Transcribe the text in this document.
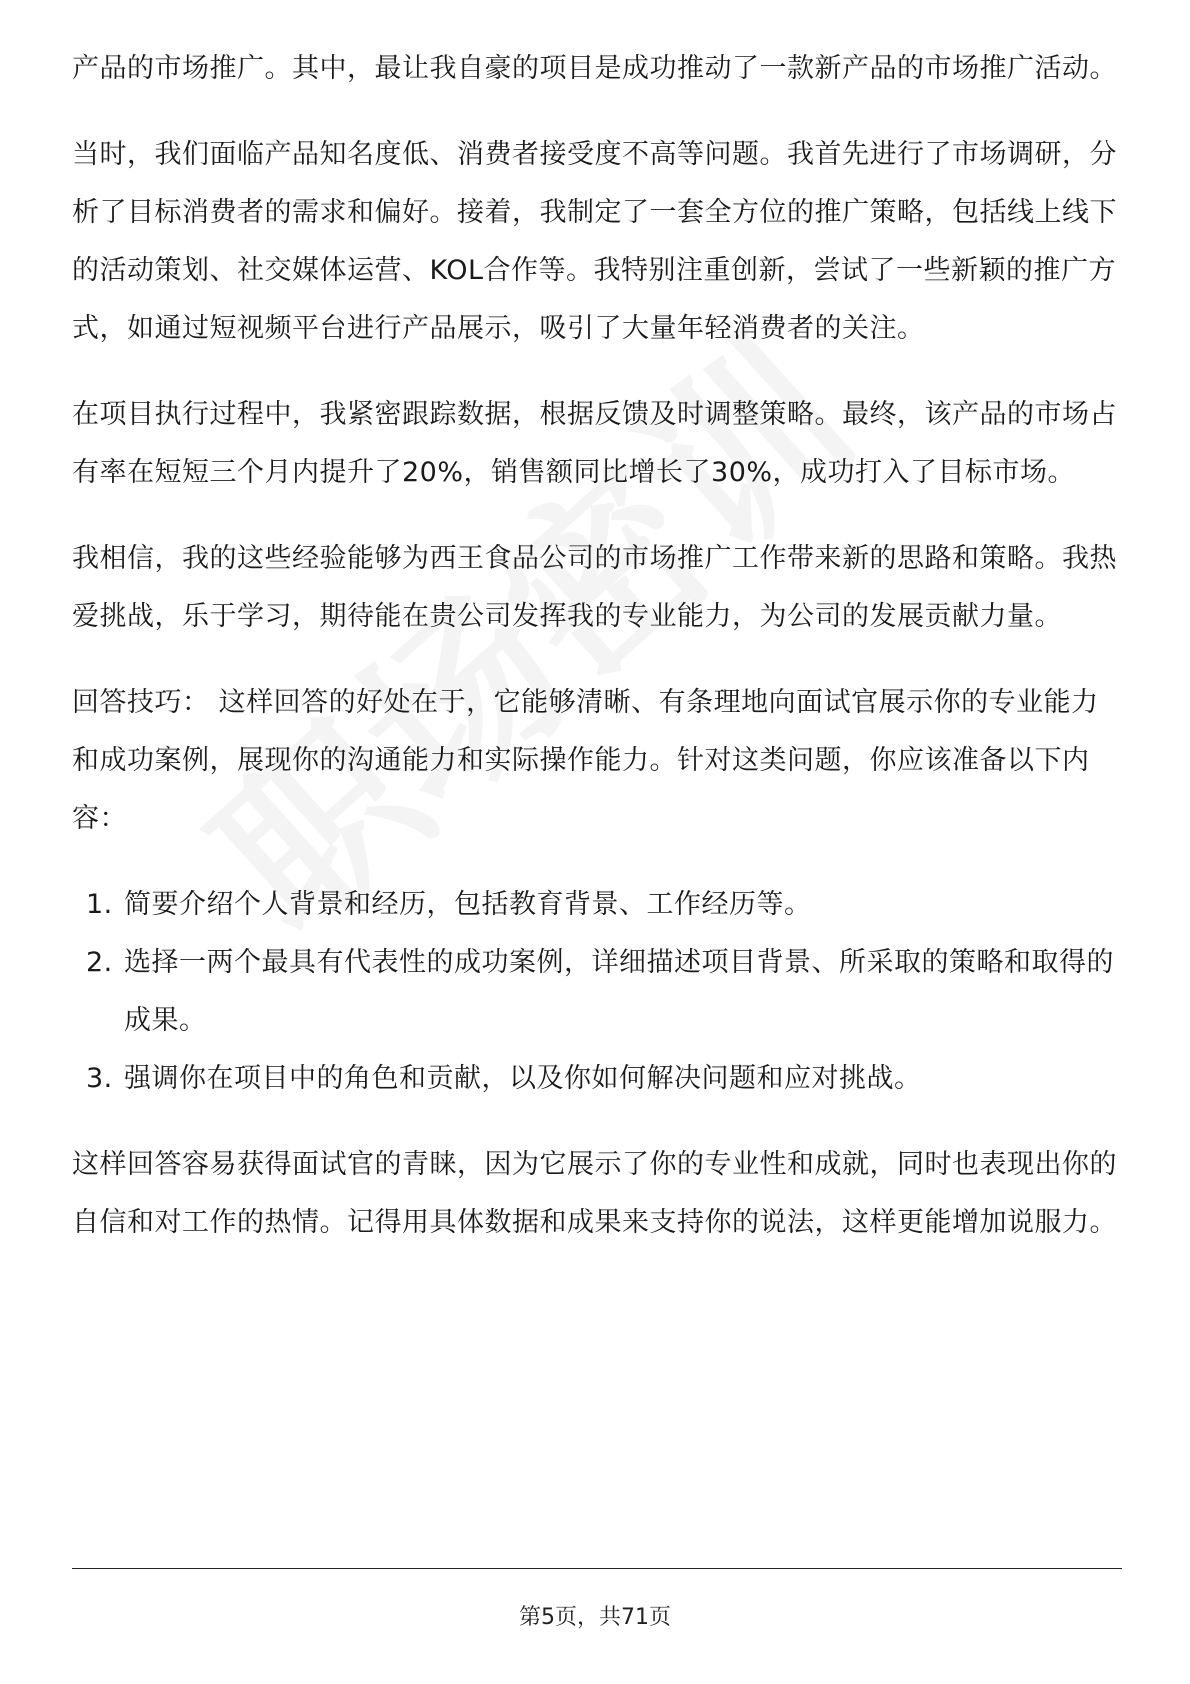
产品的市场推广。其中，最让我自豪的项目是成功推动了一款新产品的市场推广活动。

当时，我们面临产品知名度低、消费者接受度不高等问题。我首先进行了市场调研，分析了目标消费者的需求和偏好。接着，我制定了一套全方位的推广策略，包括线上线下的活动策划、社交媒体运营、KOL合作等。我特别注重创新，尝试了一些新颖的推广方式，如通过短视频平台进行产品展示，吸引了大量年轻消费者的关注。

在项目执行过程中，我紧密跟踪数据，根据反馈及时调整策略。最终，该产品的市场占有率在短短三个月内提升了20%，销售额同比增长了30%，成功打入了目标市场。

我相信，我的这些经验能够为西王食品公司的市场推广工作带来新的思路和策略。我热爱挑战，乐于学习，期待能在贵公司发挥我的专业能力，为公司的发展贡献力量。

回答技巧： 这样回答的好处在于，它能够清晰、有条理地向面试官展示你的专业能力和成功案例，展现你的沟通能力和实际操作能力。针对这类问题，你应该准备以下内容：

1. 简要介绍个人背景和经历，包括教育背景、工作经历等。
2. 选择一两个最具有代表性的成功案例，详细描述项目背景、所采取的策略和取得的成果。
3. 强调你在项目中的角色和贡献，以及你如何解决问题和应对挑战。

这样回答容易获得面试官的青睐，因为它展示了你的专业性和成就，同时也表现出你的自信和对工作的热情。记得用具体数据和成果来支持你的说法，这样更能增加说服力。

第5页，共71页
